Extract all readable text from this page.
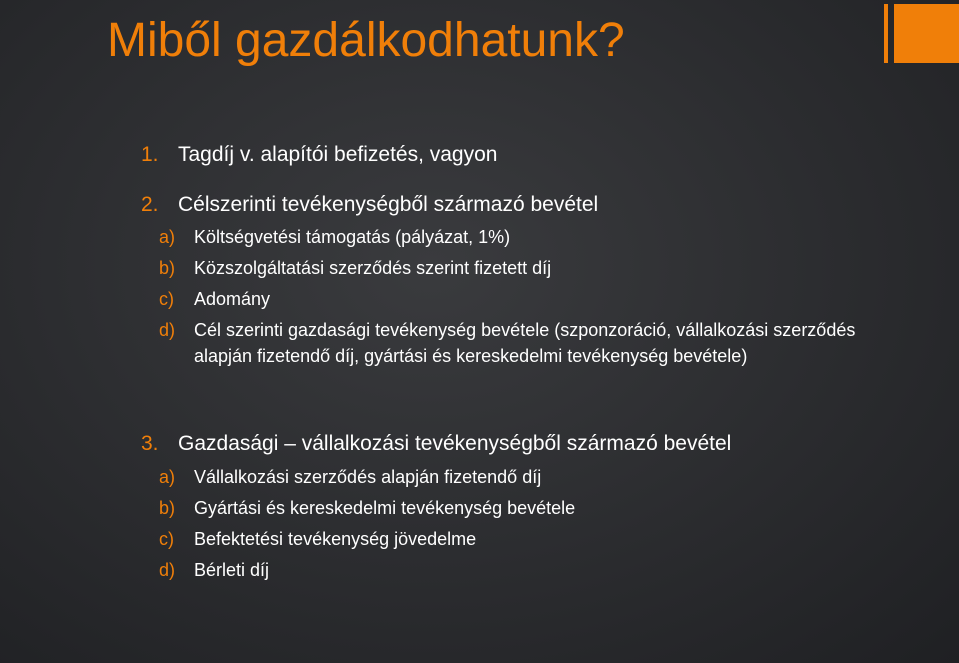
Miből gazdálkodhatunk?
1. Tagdíj v. alapítói befizetés, vagyon
2. Célszerinti tevékenységből származó bevétel
a) Költségvetési támogatás (pályázat, 1%)
b) Közszolgáltatási szerződés szerint fizetett díj
c) Adomány
d) Cél szerinti gazdasági tevékenység bevétele (szponzoráció, vállalkozási szerződés alapján fizetendő díj, gyártási és kereskedelmi tevékenység bevétele)
3. Gazdasági – vállalkozási tevékenységből származó bevétel
a) Vállalkozási szerződés alapján fizetendő díj
b) Gyártási és kereskedelmi tevékenység bevétele
c) Befektetési tevékenység jövedelme
d) Bérleti díj
